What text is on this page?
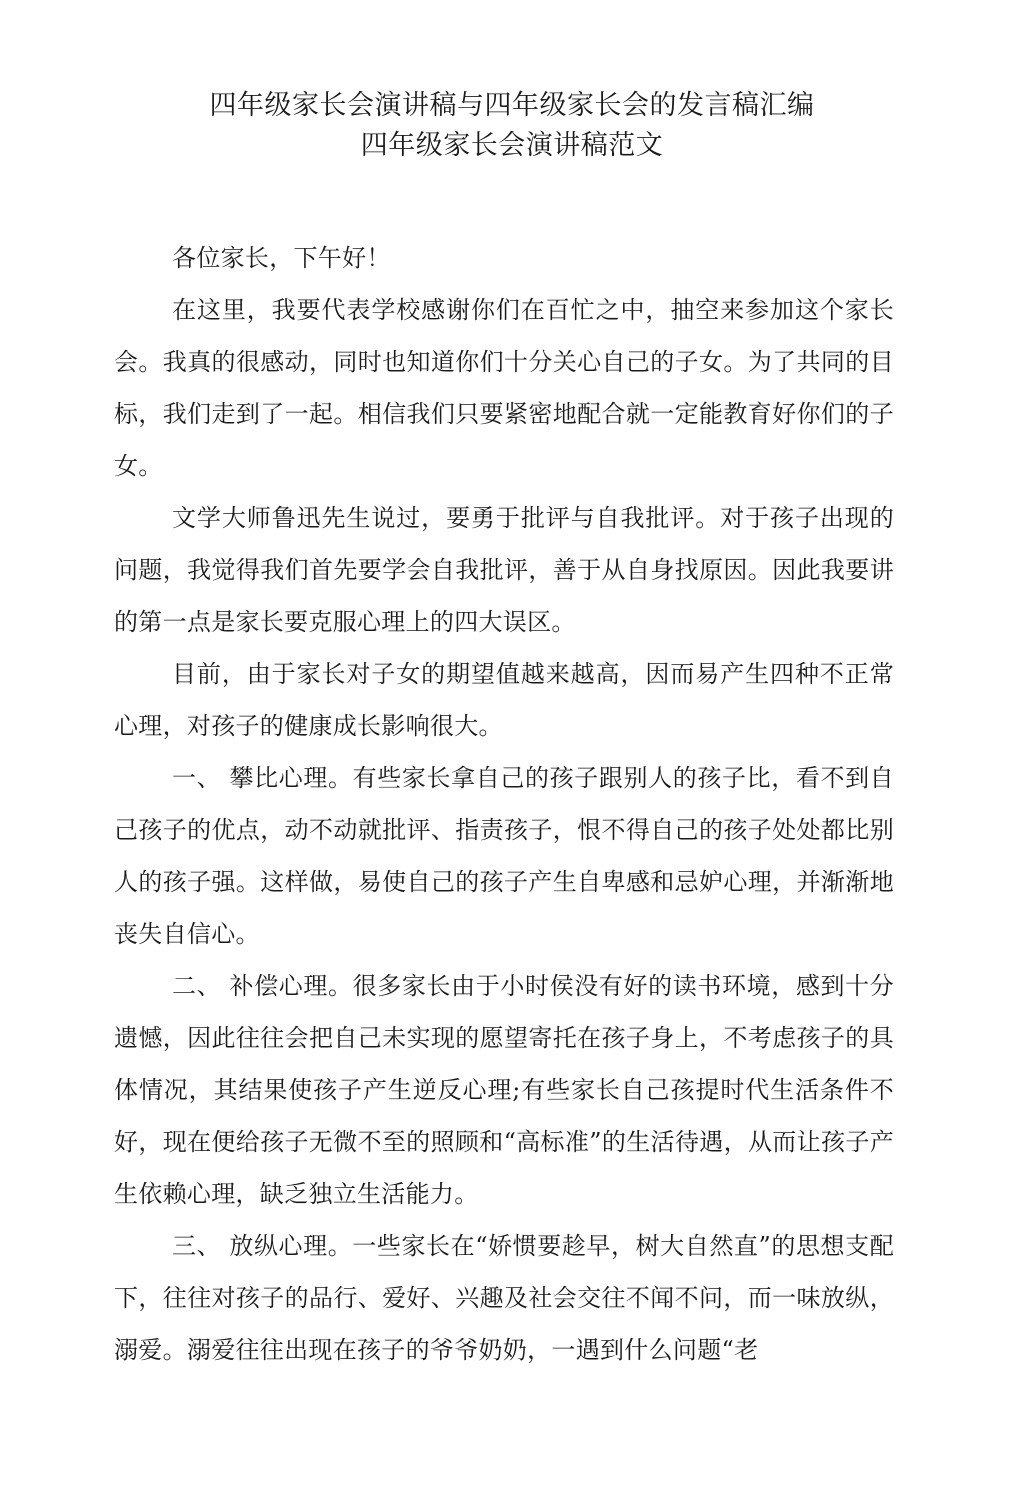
四年级家长会演讲稿与四年级家长会的发言稿汇编
四年级家长会演讲稿范文

各位家长，下午好！

在这里，我要代表学校感谢你们在百忙之中，抽空来参加这个家长会。我真的很感动，同时也知道你们十分关心自己的子女。为了共同的目标，我们走到了一起。相信我们只要紧密地配合就一定能教育好你们的子女。

文学大师鲁迅先生说过，要勇于批评与自我批评。对于孩子出现的问题，我觉得我们首先要学会自我批评，善于从自身找原因。因此我要讲的第一点是家长要克服心理上的四大误区。

目前，由于家长对子女的期望值越来越高，因而易产生四种不正常心理，对孩子的健康成长影响很大。

一、 攀比心理。有些家长拿自己的孩子跟别人的孩子比，看不到自己孩子的优点，动不动就批评、指责孩子，恨不得自己的孩子处处都比别人的孩子强。这样做，易使自己的孩子产生自卑感和忌妒心理，并渐渐地丧失自信心。

二、 补偿心理。很多家长由于小时侯没有好的读书环境，感到十分遗憾，因此往往会把自己未实现的愿望寄托在孩子身上，不考虑孩子的具体情况，其结果使孩子产生逆反心理;有些家长自己孩提时代生活条件不好，现在便给孩子无微不至的照顾和“高标准”的生活待遇，从而让孩子产生依赖心理，缺乏独立生活能力。

三、 放纵心理。一些家长在“娇惯要趁早，树大自然直”的思想支配下，往往对孩子的品行、爱好、兴趣及社会交往不闻不问，而一味放纵，溺爱。溺爱往往出现在孩子的爷爷奶奶，一遇到什么问题“老
